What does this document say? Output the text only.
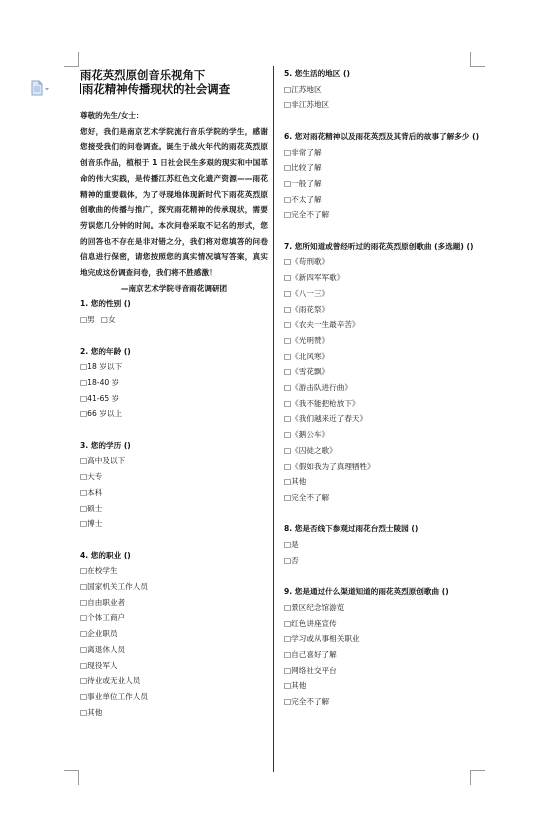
雨花英烈原创音乐视角下
雨花精神传播现状的社会调查
尊敬的先生/女士：
您好，我们是南京艺术学院流行音乐学院的学生，感谢您接受我们的问卷调查。诞生于战火年代的雨花英烈原创音乐作品，植根于 1 日社会民生多艰的现实和中国革命的伟大实践，是传播江苏红色文化遗产资源——雨花精神的重要载体，为了寻现地体现新时代下雨花英烈原创歌曲的传播与推广，探究雨花精神的传承现状，需要劳误您几分钟的时间。本次问卷采取不记名的形式，您的回答也不存在是非对错之分，我们将对您填答的问卷信息进行保密，请您按照您的真实情况填写答案，真实地完成这份调查问卷，我们将不胜感激！
—南京艺术学院寻音雨花调研团
1. 您的性别 ()
□男 □女
2. 您的年龄 ()
□18 岁以下
□18-40 岁
□41-65 岁
□66 岁以上
3. 您的学历 ()
□高中及以下
□大专
□本科
□硕士
□博士
4. 您的职业 ()
□在校学生
□国家机关工作人员
□自由职业者
□个体工商户
□企业职员
□离退休人员
□现役军人
□待业或无业人员
□事业单位工作人员
□其他
5. 您生活的地区 ()
□江苏地区
□非江苏地区
6. 您对雨花精神以及雨花英烈及其背后的故事了解多少 ()
□非常了解
□比较了解
□一般了解
□不太了解
□完全不了解
7. 您所知道或曾经听过的雨花英烈原创歌曲 (多选题) ()
□《苟刑歌》
□《新四军军歌》
□《八一三》
□《雨花祭》
□《农夫一生最辛苦》
□《光明赞》
□《北风寒》
□《雪花飘》
□《游击队进行曲》
□《我不能把枪放下》
□《我们越来近了春天》
□《鹅公车》
□《囚徒之歌》
□《假如我为了真理牺牲》
□其他
□完全不了解
8. 您是否线下参观过雨花台烈士陵园 ()
□是
□否
9. 您是通过什么渠道知道的雨花英烈原创歌曲 ()
□景区纪念馆游览
□红色讲座宣传
□学习或从事相关职业
□自己喜好了解
□网络社交平台
□其他
□完全不了解
